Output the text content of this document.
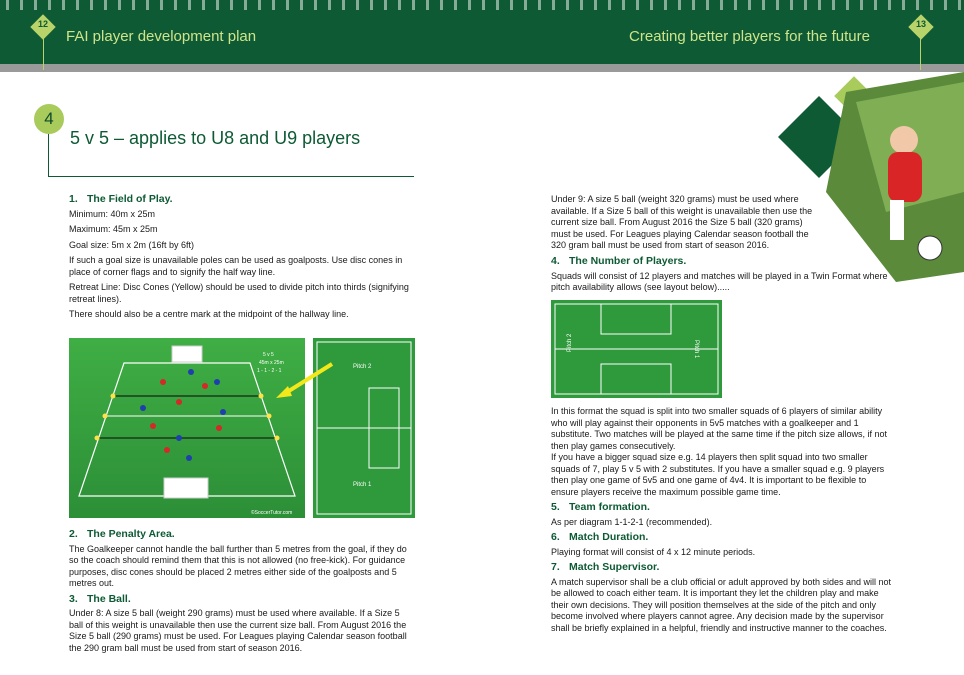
12	13
FAI player development plan	Creating better players for the future
4
5 v 5 – applies to U8 and U9 players
1. The Field of Play.

Minimum: 40m x 25m

Maximum: 45m x 25m

Goal size: 5m x 2m (16ft by 6ft)

If such a goal size is unavailable poles can be used as goalposts. Use disc cones in place of corner flags and to signify the half way line.

Retreat Line: Disc Cones (Yellow) should be used to divide pitch into thirds (signifying retreat lines).

There should also be a centre mark at the midpoint of the hallway line.

5 v 5
45m x 25m
1 - 1 - 2 - 1
©SoccerTutor.com
Pitch 2
Pitch 1
2. The Penalty Area.

The Goalkeeper cannot handle the ball further than 5 metres from the goal, if they do so the coach should remind them that this is not allowed (no free-kick). For guidance purposes, disc cones should be placed 2 metres either side of the goalposts and 5 metres out.

3. The Ball.

Under 8: A size 5 ball (weight 290 grams) must be used where available. If a Size 5 ball of this weight is unavailable then use the current size ball. From August 2016 the Size 5 ball (290 grams) must be used. For Leagues playing Calendar season football the 290 gram ball must be used from start of season 2016.

Under 9: A size 5 ball (weight 320 grams) must be used where available. If a Size 5 ball of this weight is unavailable then use the current size ball. From August 2016 the Size 5 ball (320 grams) must be used. For Leagues playing Calendar season football the 320 gram ball must be used from start of season 2016.

4. The Number of Players.

Squads will consist of 12 players and matches will be played in a Twin Format where pitch availability allows (see layout below).....

Pitch 2	Pitch 1

In this format the squad is split into two smaller squads of 6 players of similar ability who will play against their opponents in 5v5 matches with a goalkeeper and 1 substitute. Two matches will be played at the same time if the pitch size allows, if not then play games consecutively.

If you have a bigger squad size e.g. 14 players then split squad into two smaller squads of 7, play 5 v 5 with 2 substitutes. If you have a smaller squad e.g. 9 players then play one game of 5v5 and one game of 4v4. It is important to be flexible to ensure players receive the maximum possible game time.

5. Team formation.

As per diagram 1-1-2-1 (recommended).

6. Match Duration.

Playing format will consist of 4 x 12 minute periods.

7. Match Supervisor.

A match supervisor shall be a club official or adult approved by both sides and will not be allowed to coach either team. It is important they let the children play and make their own decisions. They will position themselves at the side of the pitch and only become involved where players cannot agree. Any decision made by the supervisor shall be briefly explained in a helpful, friendly and instructive manner to the coaches.
